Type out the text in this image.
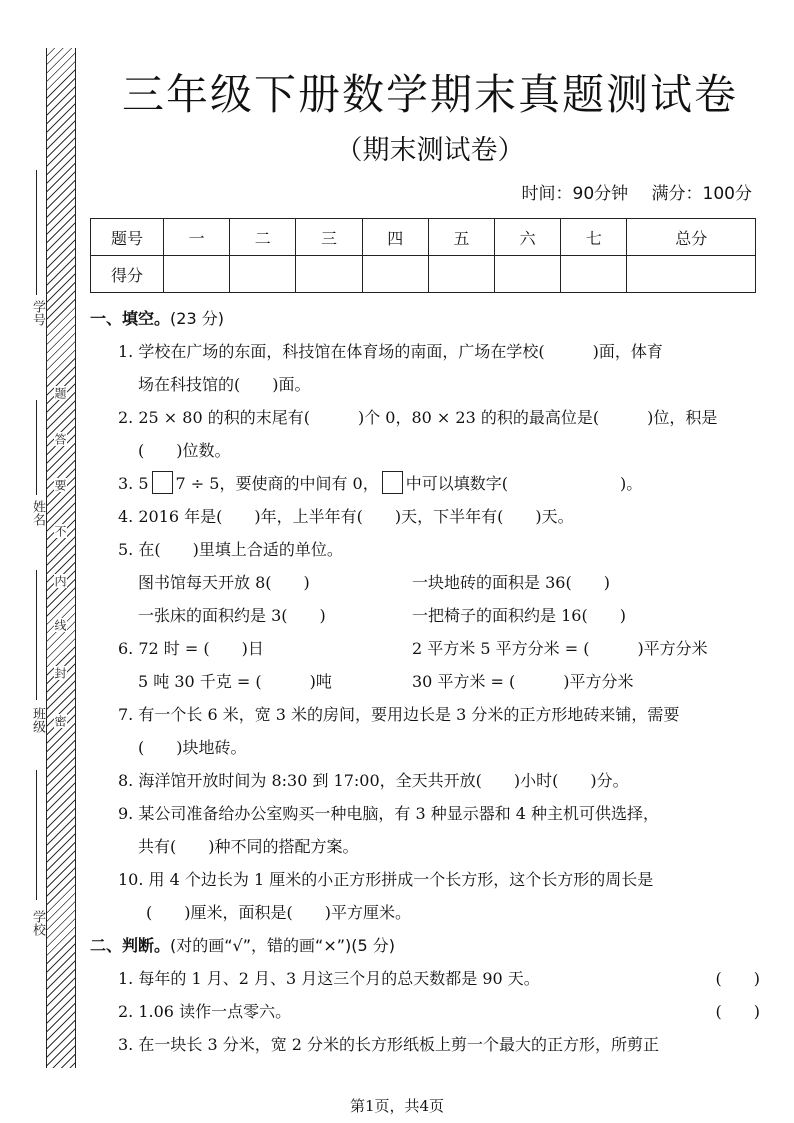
学号
姓名
班级
学校
题
答
要
不
内
线
封
密
三年级下册数学期末真题测试卷
（期末测试卷）
时间：90分钟 满分：100分
题号	一	二	三	四	五	六	七	总分
得分								
一、填空。(23 分)
1. 学校在广场的东面，科技馆在体育场的南面，广场在学校(　　　)面，体育
场在科技馆的(　　)面。
2. 25 × 80 的积的末尾有(　　　)个 0，80 × 23 的积的最高位是(　　　)位，积是
(　　)位数。
3. 5 7 ÷ 5，要使商的中间有 0， 中可以填数字(　　　　　　　)。
4. 2016 年是(　　)年，上半年有(　　)天，下半年有(　　)天。
5. 在(　　)里填上合适的单位。
图书馆每天开放 8(　　)	一块地砖的面积是 36(　　)
一张床的面积约是 3(　　)	一把椅子的面积约是 16(　　)
6. 72 时 = (　　)日	2 平方米 5 平方分米 = (　　　)平方分米
5 吨 30 千克 = (　　　)吨	30 平方米 = (　　　)平方分米
7. 有一个长 6 米，宽 3 米的房间，要用边长是 3 分米的正方形地砖来铺，需要
(　　)块地砖。
8. 海洋馆开放时间为 8:30 到 17:00，全天共开放(　　)小时(　　)分。
9. 某公司准备给办公室购买一种电脑，有 3 种显示器和 4 种主机可供选择，
共有(　　)种不同的搭配方案。
10. 用 4 个边长为 1 厘米的小正方形拼成一个长方形，这个长方形的周长是
(　　)厘米，面积是(　　)平方厘米。
二、判断。(对的画“√”，错的画“×”)(5 分)
1. 每年的 1 月、2 月、3 月这三个月的总天数都是 90 天。	(　　)
2. 1.06 读作一点零六。	(　　)
3. 在一块长 3 分米，宽 2 分米的长方形纸板上剪一个最大的正方形，所剪正
第1页，共4页
